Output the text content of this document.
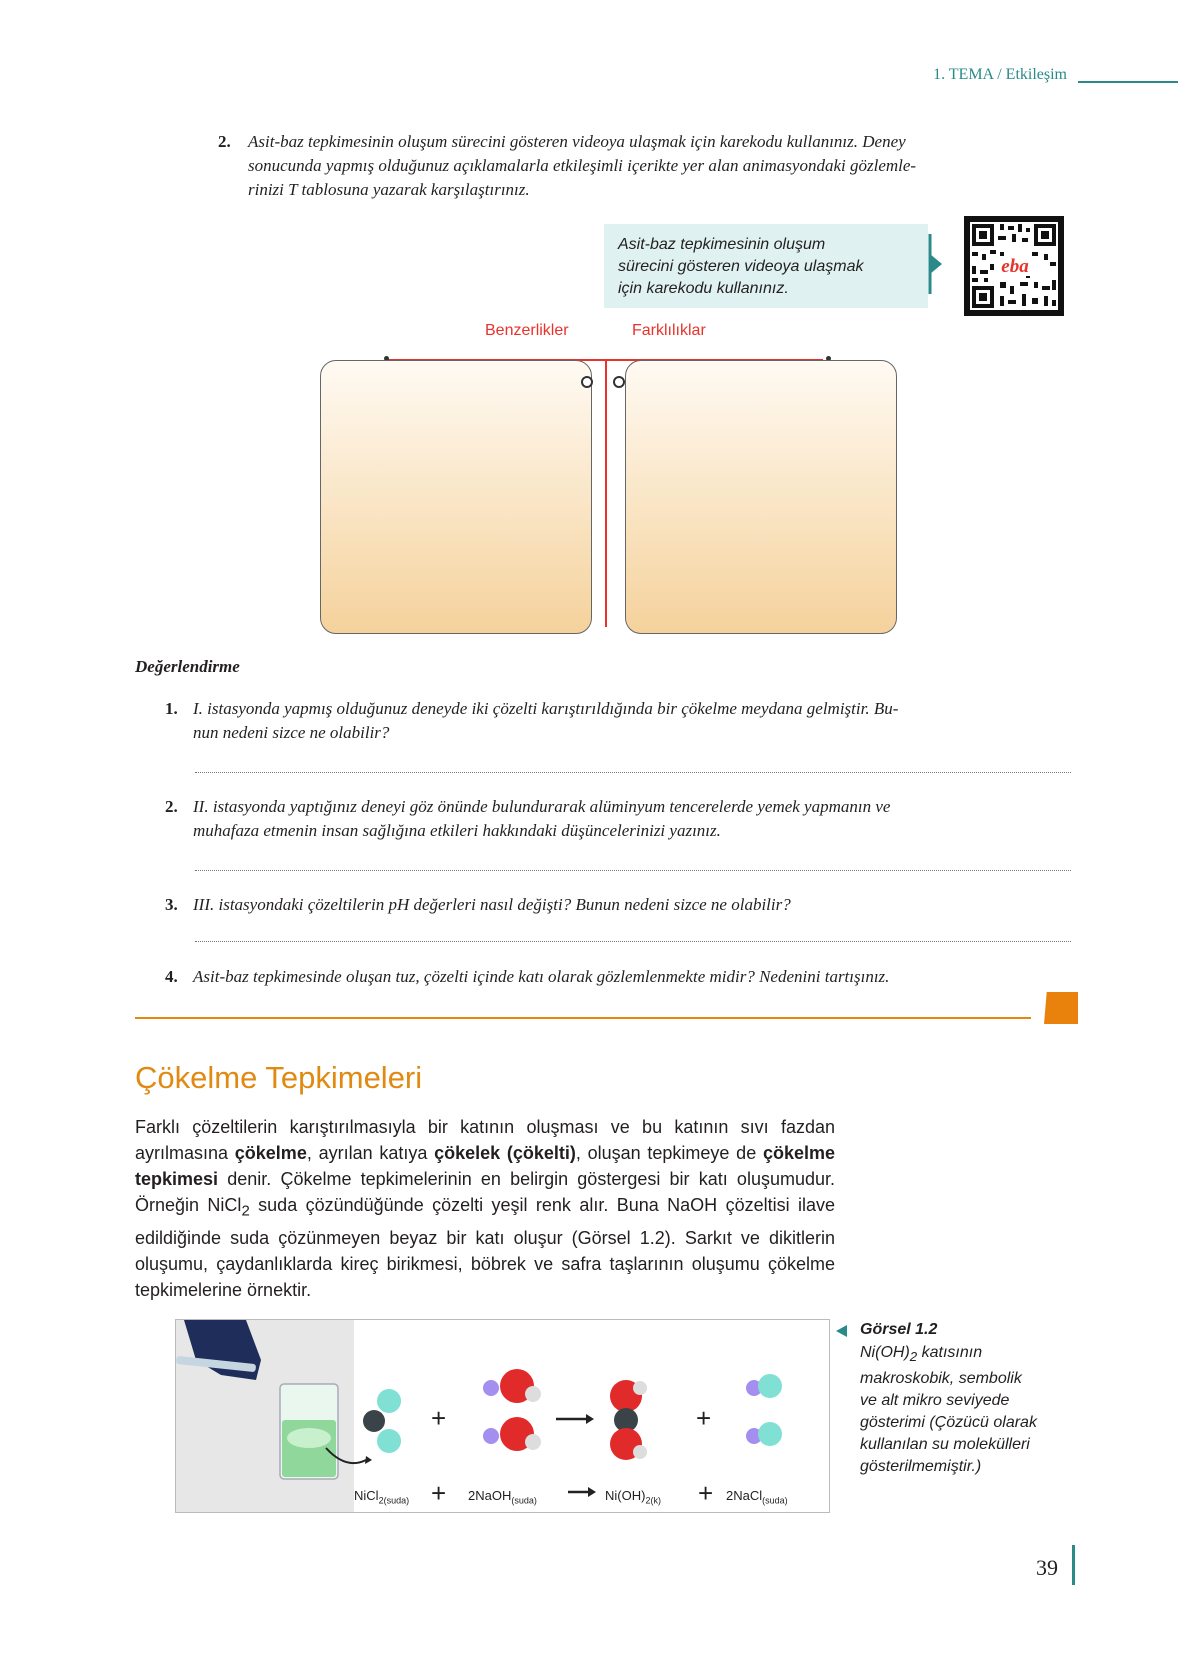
1. TEMA / Etkileşim
2. Asit-baz tepkimesinin oluşum sürecini gösteren videoya ulaşmak için karekodu kullanınız. Deney
sonucunda yapmış olduğunuz açıklamalarla etkileşimli içerikte yer alan animasyondaki gözlemle-
rinizi T tablosuna yazarak karşılaştırınız.
Asit-baz tepkimesinin oluşum
sürecini gösteren videoya ulaşmak
için karekodu kullanınız.
eba
Benzerlikler	Farklılıklar
Değerlendirme
1. I. istasyonda yapmış olduğunuz deneyde iki çözelti karıştırıldığında bir çökelme meydana gelmiştir. Bu-
nun nedeni sizce ne olabilir?
2. II. istasyonda yaptığınız deneyi göz önünde bulundurarak alüminyum tencerelerde yemek yapmanın ve
muhafaza etmenin insan sağlığına etkileri hakkındaki düşüncelerinizi yazınız.
3. III. istasyondaki çözeltilerin pH değerleri nasıl değişti? Bunun nedeni sizce ne olabilir?
4. Asit-baz tepkimesinde oluşan tuz, çözelti içinde katı olarak gözlemlenmekte midir? Nedenini tartışınız.
Çökelme Tepkimeleri
Farklı çözeltilerin karıştırılmasıyla bir katının oluşması ve bu katının sıvı fazdan ayrılmasına çökelme, ayrılan katıya çökelek (çökelti), oluşan tepkimeye de çökelme tepkimesi denir. Çökelme tepkimelerinin en belirgin göstergesi bir katı oluşumudur. Örneğin NiCl$_2$ suda çözündüğünde çözelti yeşil renk alır. Buna NaOH çözeltisi ilave edildiğinde suda çözünmeyen beyaz bir katı oluşur (Görsel 1.2). Sarkıt ve dikitlerin oluşumu, çaydanlıklarda kireç birikmesi, böbrek ve safra taşlarının oluşumu çökelme tepkimelerine örnektir.
+	+
+	+
NiCl$_{2(suda)}$	2NaOH$_{(suda)}$	$Ni(OH)_{2(k)}$	2NaCl$_{(suda)}$
Görsel 1.2
$Ni(OH)_2$ katısının
makroskobik, sembolik
ve alt mikro seviyede
gösterimi (Çözücü olarak
kullanılan su molekülleri
gösterilmemiştir.)
39
